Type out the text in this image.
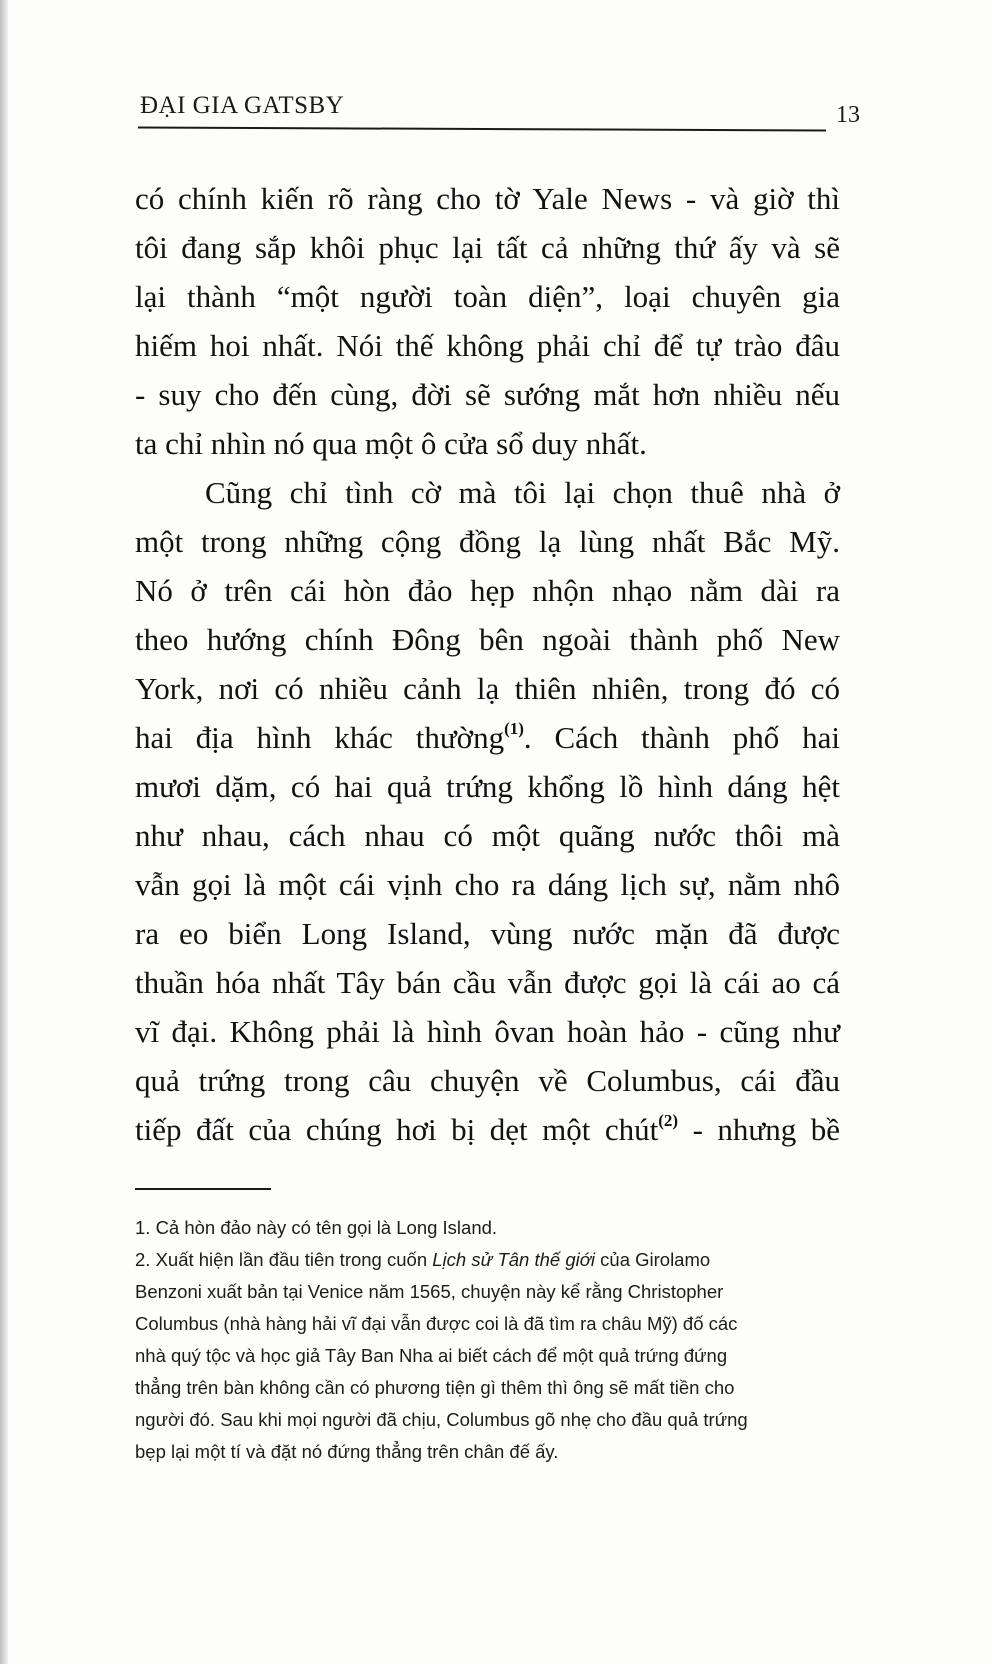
ĐẠI GIA GATSBY	13
có chính kiến rõ ràng cho tờ Yale News - và giờ thì
tôi đang sắp khôi phục lại tất cả những thứ ấy và sẽ
lại thành “một người toàn diện”, loại chuyên gia
hiếm hoi nhất. Nói thế không phải chỉ để tự trào đâu
- suy cho đến cùng, đời sẽ sướng mắt hơn nhiều nếu
ta chỉ nhìn nó qua một ô cửa sổ duy nhất.
Cũng chỉ tình cờ mà tôi lại chọn thuê nhà ở
một trong những cộng đồng lạ lùng nhất Bắc Mỹ.
Nó ở trên cái hòn đảo hẹp nhộn nhạo nằm dài ra
theo hướng chính Đông bên ngoài thành phố New
York, nơi có nhiều cảnh lạ thiên nhiên, trong đó có
hai địa hình khác thường$^{(1)}$. Cách thành phố hai
mươi dặm, có hai quả trứng khổng lồ hình dáng hệt
như nhau, cách nhau có một quãng nước thôi mà
vẫn gọi là một cái vịnh cho ra dáng lịch sự, nằm nhô
ra eo biển Long Island, vùng nước mặn đã được
thuần hóa nhất Tây bán cầu vẫn được gọi là cái ao cá
vĩ đại. Không phải là hình ôvan hoàn hảo - cũng như
quả trứng trong câu chuyện về Columbus, cái đầu
tiếp đất của chúng hơi bị dẹt một chút$^{(2)}$ - nhưng bề
1. Cả hòn đảo này có tên gọi là Long Island.
2. Xuất hiện lần đầu tiên trong cuốn Lịch sử Tân thế giới của Girolamo
Benzoni xuất bản tại Venice năm 1565, chuyện này kể rằng Christopher
Columbus (nhà hàng hải vĩ đại vẫn được coi là đã tìm ra châu Mỹ) đố các
nhà quý tộc và học giả Tây Ban Nha ai biết cách để một quả trứng đứng
thẳng trên bàn không cần có phương tiện gì thêm thì ông sẽ mất tiền cho
người đó. Sau khi mọi người đã chịu, Columbus gõ nhẹ cho đầu quả trứng
bẹp lại một tí và đặt nó đứng thẳng trên chân đế ấy.
